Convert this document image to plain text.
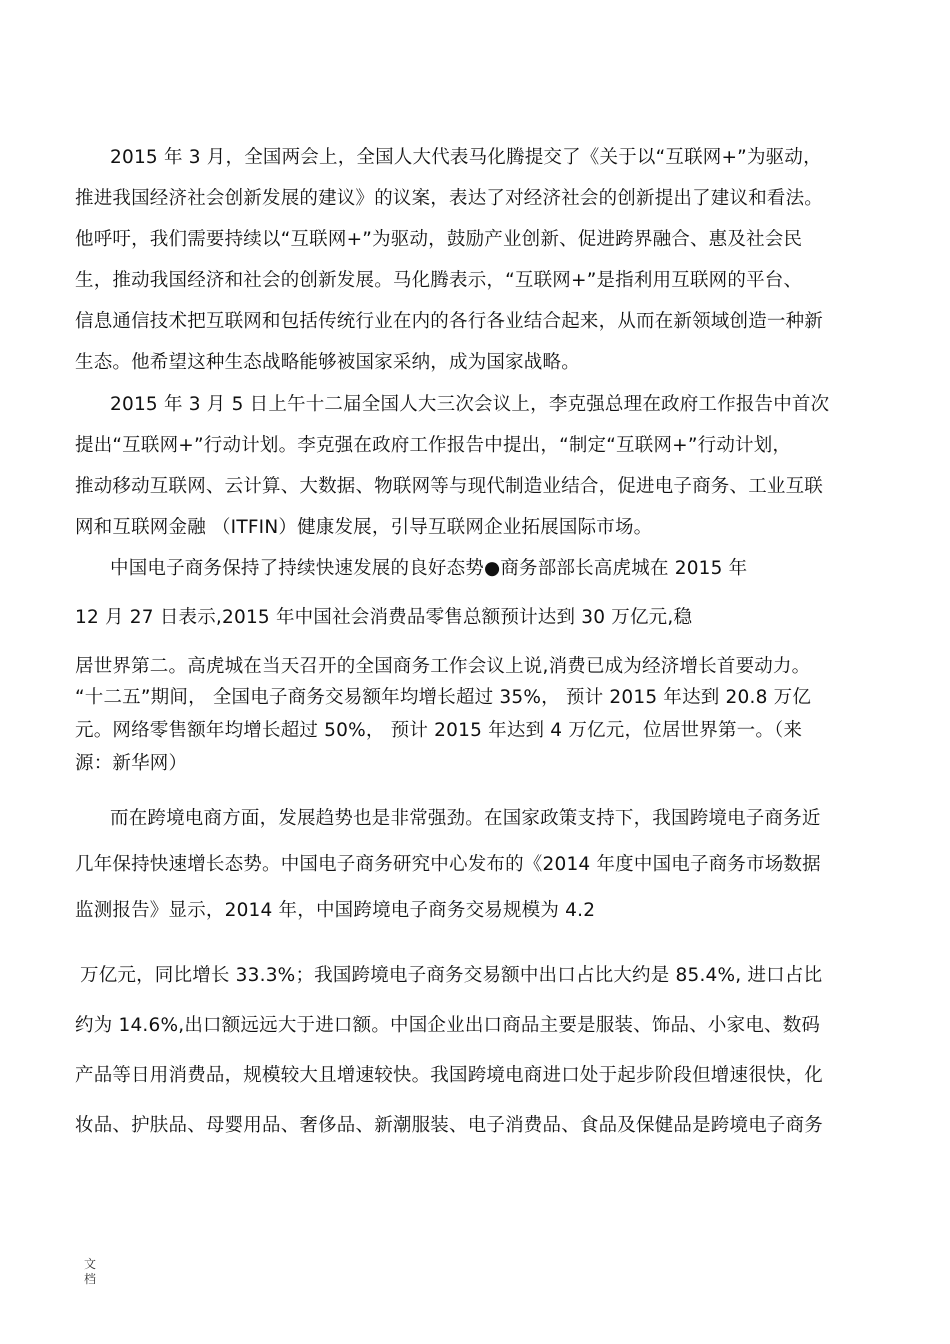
2015 年 3 月，全国两会上，全国人大代表马化腾提交了《关于以“互联网+”为驱动，
推进我国经济社会创新发展的建议》的议案，表达了对经济社会的创新提出了建议和看法。
他呼吁，我们需要持续以“互联网+”为驱动，鼓励产业创新、促进跨界融合、惠及社会民
生，推动我国经济和社会的创新发展。马化腾表示，“互联网+”是指利用互联网的平台、
信息通信技术把互联网和包括传统行业在内的各行各业结合起来，从而在新领域创造一种新
生态。他希望这种生态战略能够被国家采纳，成为国家战略。
2015 年 3 月 5 日上午十二届全国人大三次会议上，李克强总理在政府工作报告中首次
提出“互联网+”行动计划。李克强在政府工作报告中提出，“制定“互联网+”行动计划，
推动移动互联网、云计算、大数据、物联网等与现代制造业结合，促进电子商务、工业互联
网和互联网金融 （ITFIN）健康发展，引导互联网企业拓展国际市场。
中国电子商务保持了持续快速发展的良好态势●商务部部长高虎城在 2015 年
12 月 27 日表示,2015 年中国社会消费品零售总额预计达到 30 万亿元,稳
居世界第二。高虎城在当天召开的全国商务工作会议上说,消费已成为经济增长首要动力。
“十二五”期间， 全国电子商务交易额年均增长超过 35%， 预计 2015 年达到 20.8 万亿
元。网络零售额年均增长超过 50%， 预计 2015 年达到 4 万亿元，位居世界第一。（来
源：新华网）
而在跨境电商方面，发展趋势也是非常强劲。在国家政策支持下，我国跨境电子商务近
几年保持快速增长态势。中国电子商务研究中心发布的《2014 年度中国电子商务市场数据
监测报告》显示，2014 年，中国跨境电子商务交易规模为 4.2
万亿元，同比增长 33.3%；我国跨境电子商务交易额中出口占比大约是 85.4%, 进口占比
约为 14.6%,出口额远远大于进口额。中国企业出口商品主要是服装、饰品、小家电、数码
产品等日用消费品，规模较大且增速较快。我国跨境电商进口处于起步阶段但增速很快，化
妆品、护肤品、母婴用品、奢侈品、新潮服装、电子消费品、食品及保健品是跨境电子商务
文
档
